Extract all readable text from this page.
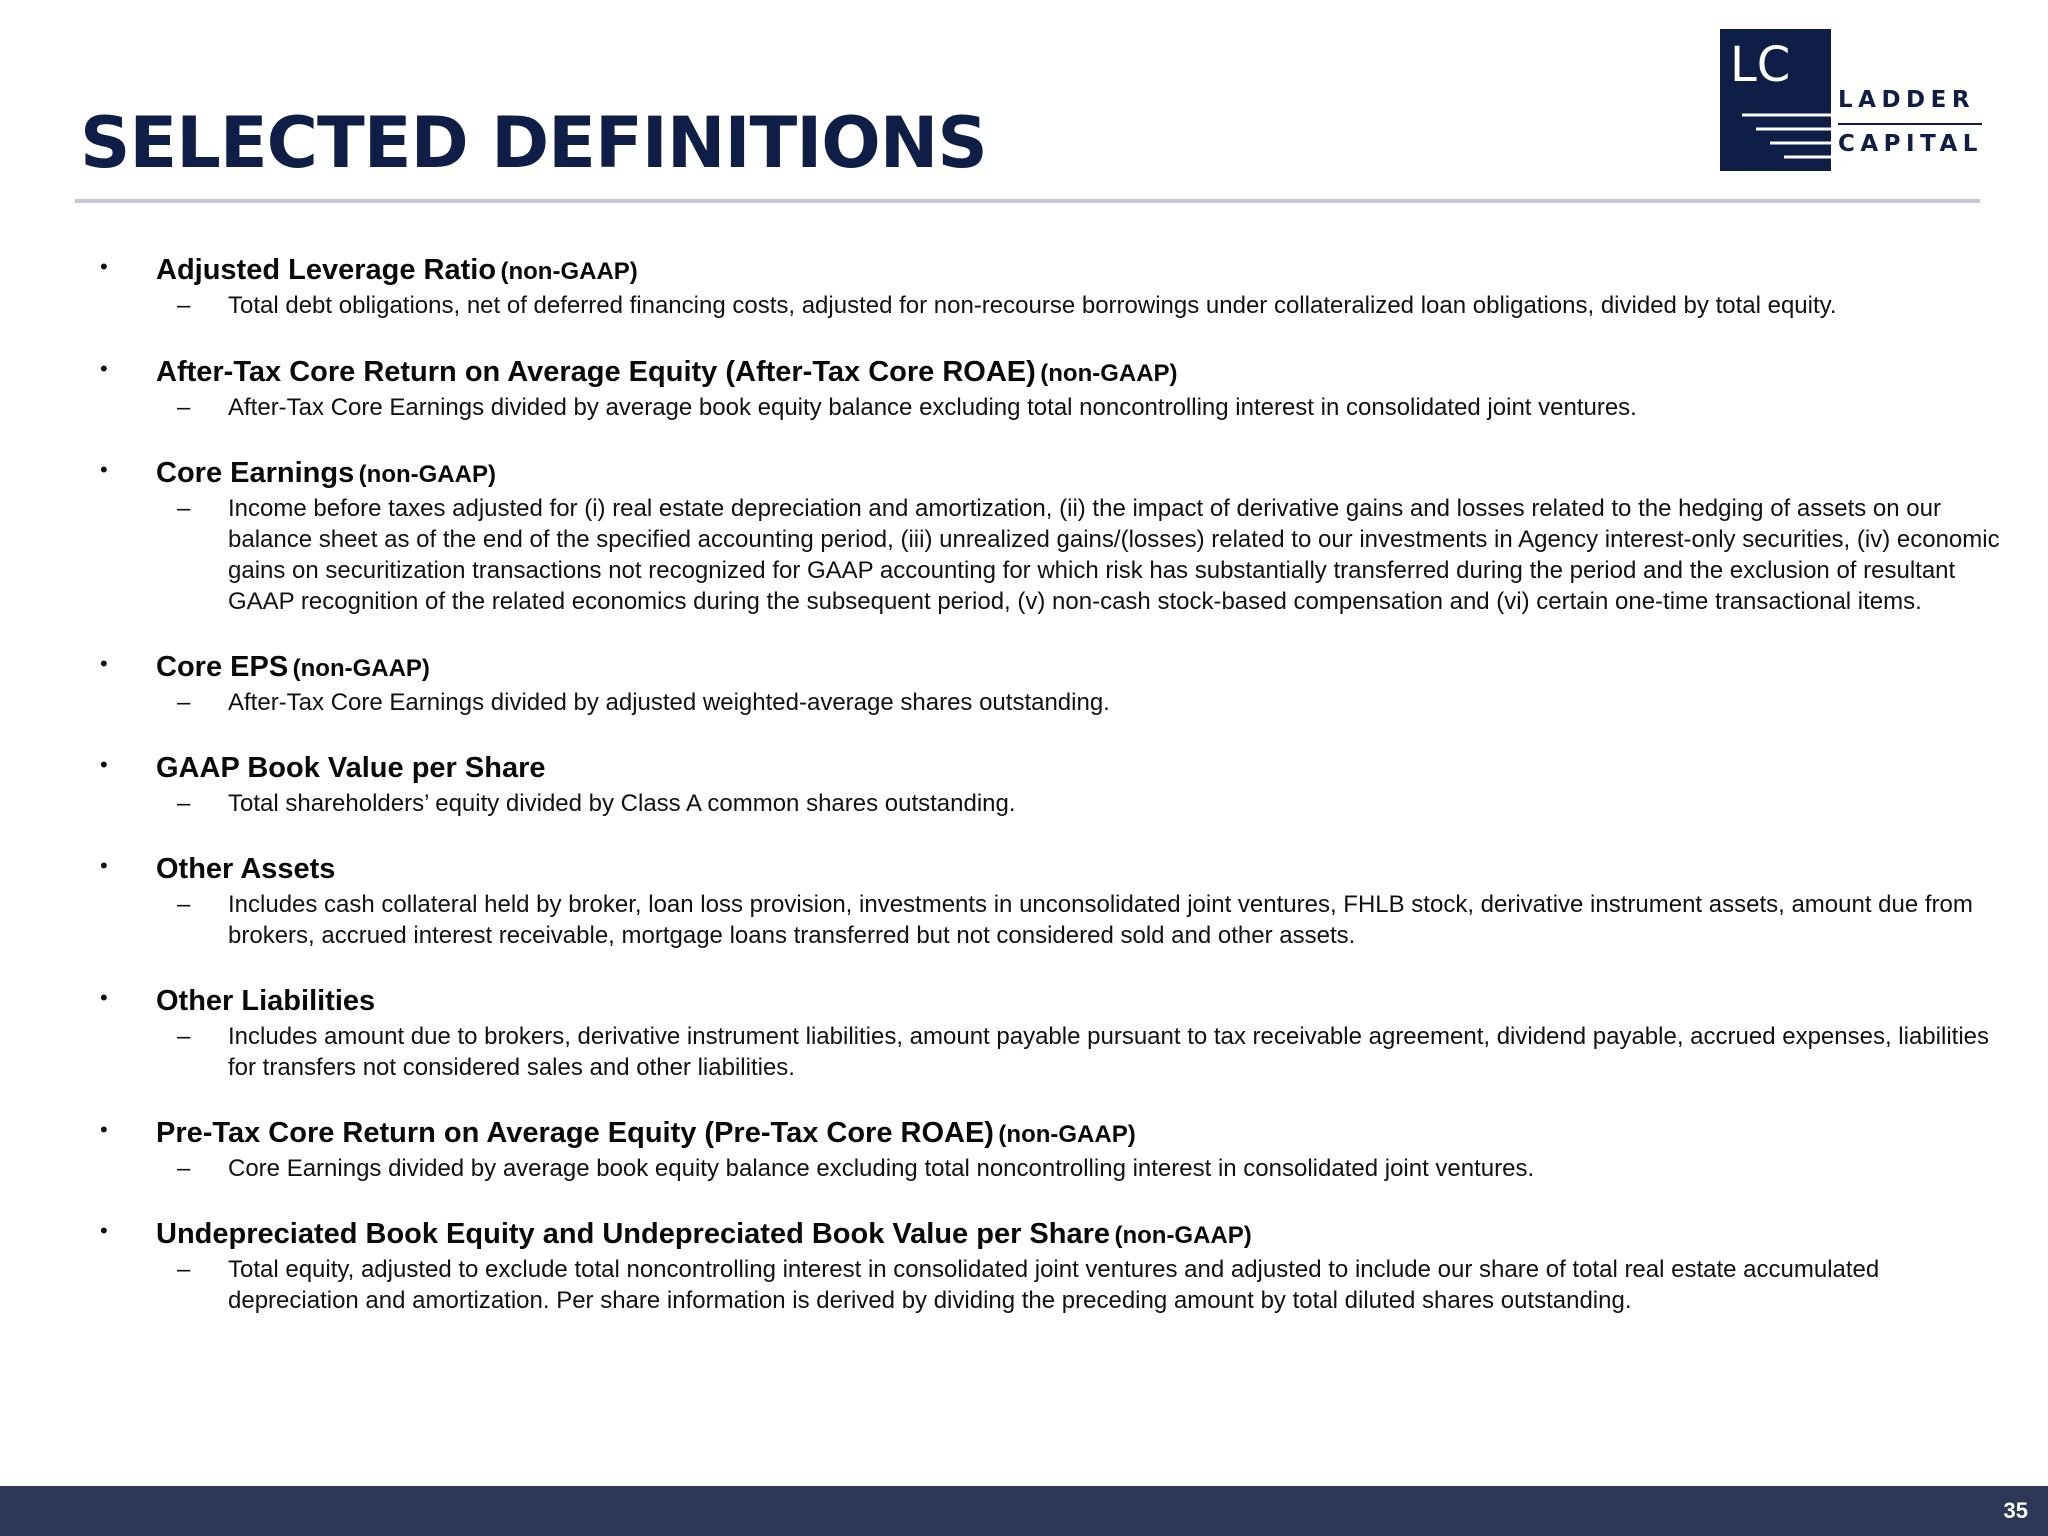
SELECTED DEFINITIONS
LC
LADDER
CAPITAL
• Adjusted Leverage Ratio (non-GAAP)
– Total debt obligations, net of deferred financing costs, adjusted for non-recourse borrowings under collateralized loan obligations, divided by total equity.
• After-Tax Core Return on Average Equity (After-Tax Core ROAE) (non-GAAP)
– After-Tax Core Earnings divided by average book equity balance excluding total noncontrolling interest in consolidated joint ventures.
• Core Earnings (non-GAAP)
– Income before taxes adjusted for (i) real estate depreciation and amortization, (ii) the impact of derivative gains and losses related to the hedging of assets on our balance sheet as of the end of the specified accounting period, (iii) unrealized gains/(losses) related to our investments in Agency interest-only securities, (iv) economic gains on securitization transactions not recognized for GAAP accounting for which risk has substantially transferred during the period and the exclusion of resultant GAAP recognition of the related economics during the subsequent period, (v) non-cash stock-based compensation and (vi) certain one-time transactional items.
• Core EPS (non-GAAP)
– After-Tax Core Earnings divided by adjusted weighted-average shares outstanding.
• GAAP Book Value per Share
– Total shareholders’ equity divided by Class A common shares outstanding.
• Other Assets
– Includes cash collateral held by broker, loan loss provision, investments in unconsolidated joint ventures, FHLB stock, derivative instrument assets, amount due from brokers, accrued interest receivable, mortgage loans transferred but not considered sold and other assets.
• Other Liabilities
– Includes amount due to brokers, derivative instrument liabilities, amount payable pursuant to tax receivable agreement, dividend payable, accrued expenses, liabilities for transfers not considered sales and other liabilities.
• Pre-Tax Core Return on Average Equity (Pre-Tax Core ROAE) (non-GAAP)
– Core Earnings divided by average book equity balance excluding total noncontrolling interest in consolidated joint ventures.
• Undepreciated Book Equity and Undepreciated Book Value per Share (non-GAAP)
– Total equity, adjusted to exclude total noncontrolling interest in consolidated joint ventures and adjusted to include our share of total real estate accumulated depreciation and amortization. Per share information is derived by dividing the preceding amount by total diluted shares outstanding.
35
